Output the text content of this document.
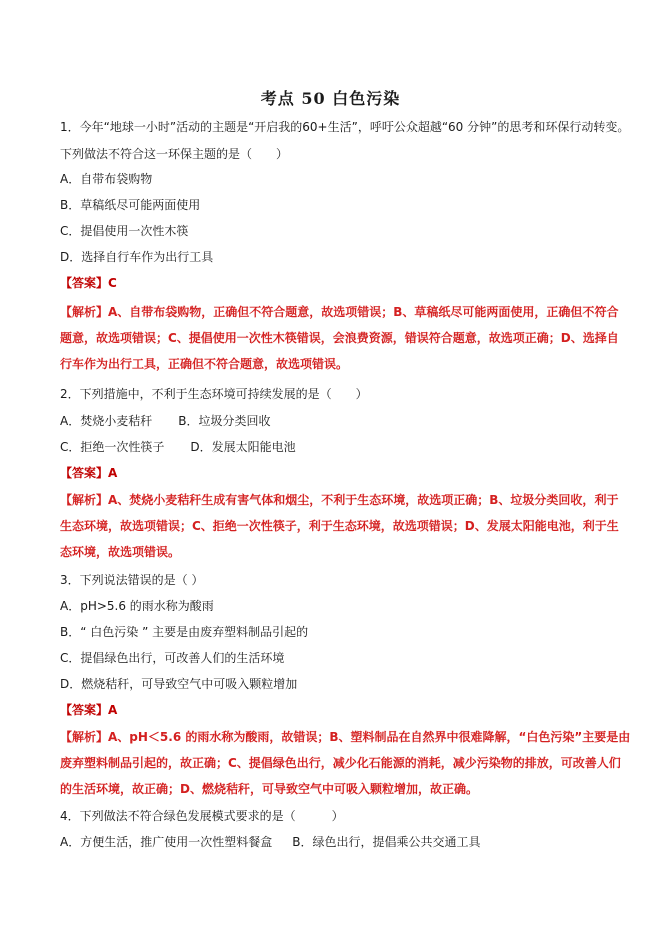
考点 50 白色污染
1．今年“地球一小时”活动的主题是“开启我的60+生活”，呼吁公众超越“60 分钟”的思考和环保行动转变。
下列做法不符合这一环保主题的是（　　）
A．自带布袋购物
B．草稿纸尽可能两面使用
C．提倡使用一次性木筷
D．选择自行车作为出行工具
【答案】C
【解析】A、自带布袋购物，正确但不符合题意，故选项错误；B、草稿纸尽可能两面使用，正确但不符合
题意，故选项错误；C、提倡使用一次性木筷错误，会浪费资源，错误符合题意，故选项正确；D、选择自
行车作为出行工具，正确但不符合题意，故选项错误。
2．下列措施中，不利于生态环境可持续发展的是（　　）
A．焚烧小麦秸秆 B．垃圾分类回收
C．拒绝一次性筷子 D．发展太阳能电池
【答案】A
【解析】A、焚烧小麦秸秆生成有害气体和烟尘，不利于生态环境，故选项正确；B、垃圾分类回收，利于
生态环境，故选项错误；C、拒绝一次性筷子，利于生态环境，故选项错误；D、发展太阳能电池，利于生
态环境，故选项错误。
3．下列说法错误的是（ ）
A．pH>5.6 的雨水称为酸雨
B．“ 白色污染 ” 主要是由废弃塑料制品引起的
C．提倡绿色出行，可改善人们的生活环境
D．燃烧秸秆，可导致空气中可吸入颗粒增加
【答案】A
【解析】A、pH＜5.6 的雨水称为酸雨，故错误；B、塑料制品在自然界中很难降解，“白色污染”主要是由
废弃塑料制品引起的，故正确；C、提倡绿色出行，减少化石能源的消耗，减少污染物的排放，可改善人们
的生活环境，故正确；D、燃烧秸秆，可导致空气中可吸入颗粒增加，故正确。
4．下列做法不符合绿色发展模式要求的是（　　　）
A．方便生活，推广使用一次性塑料餐盒 B．绿色出行，提倡乘公共交通工具
